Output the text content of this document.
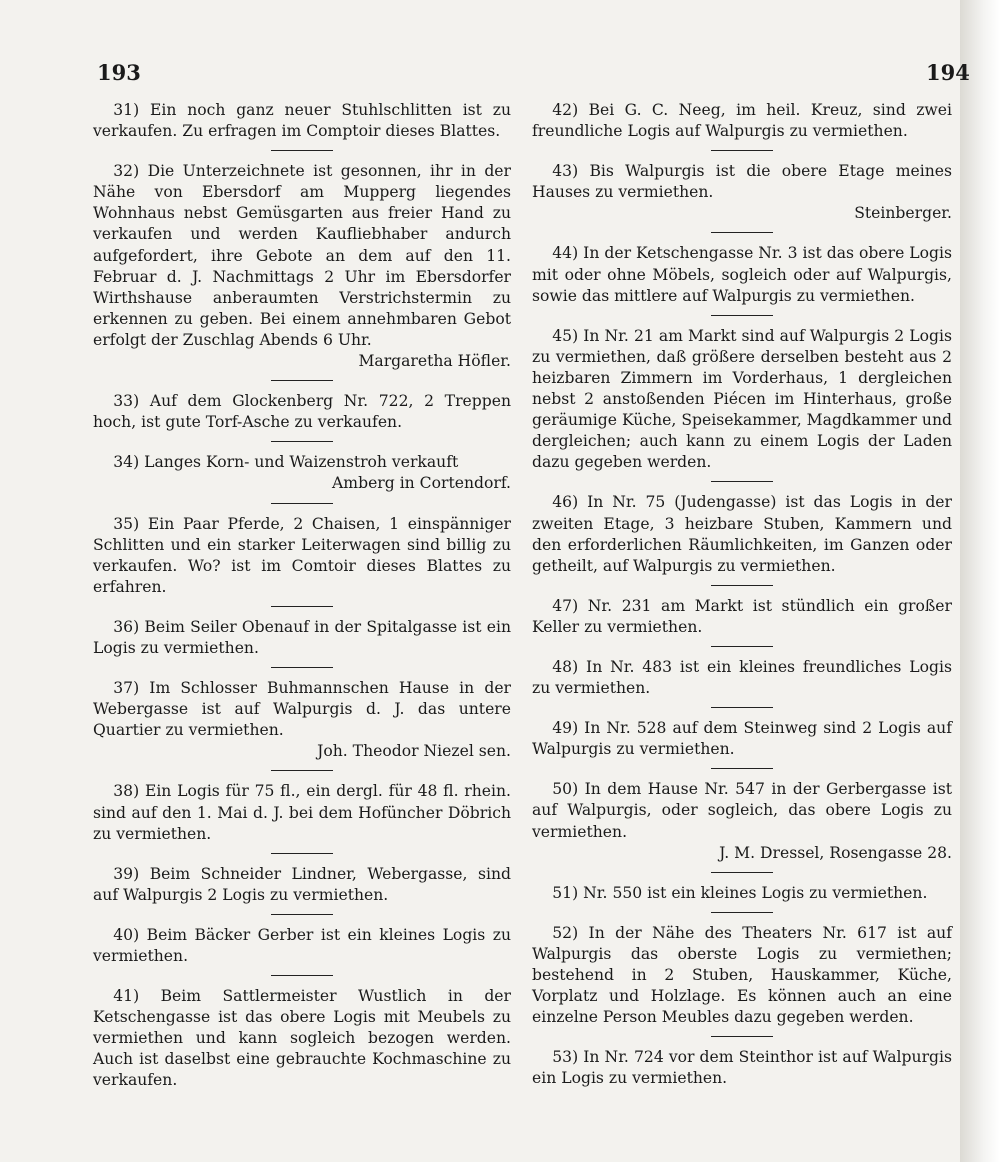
193	194

31) Ein noch ganz neuer Stuhlschlitten ist zu verkaufen. Zu erfragen im Comptoir dieses Blattes.

32) Die Unterzeichnete ist gesonnen, ihr in der Nähe von Ebersdorf am Mupperg liegendes Wohnhaus nebst Gemüsgarten aus freier Hand zu verkaufen und werden Kaufliebhaber andurch aufgefordert, ihre Gebote an dem auf den 11. Februar d. J. Nachmittags 2 Uhr im Ebersdorfer Wirthshause anberaumten Verstrichstermin zu erkennen zu geben. Bei einem annehmbaren Gebot erfolgt der Zuschlag Abends 6 Uhr.

Margaretha Höfler.

33) Auf dem Glockenberg Nr. 722, 2 Treppen hoch, ist gute Torf-Asche zu verkaufen.

34) Langes Korn- und Waizenstroh verkauft

Amberg in Cortendorf.

35) Ein Paar Pferde, 2 Chaisen, 1 einspänniger Schlitten und ein starker Leiterwagen sind billig zu verkaufen. Wo? ist im Comtoir dieses Blattes zu erfahren.

36) Beim Seiler Obenauf in der Spitalgasse ist ein Logis zu vermiethen.

37) Im Schlosser Buhmannschen Hause in der Webergasse ist auf Walpurgis d. J. das untere Quartier zu vermiethen.

Joh. Theodor Niezel sen.

38) Ein Logis für 75 fl., ein dergl. für 48 fl. rhein. sind auf den 1. Mai d. J. bei dem Hofüncher Döbrich zu vermiethen.

39) Beim Schneider Lindner, Webergasse, sind auf Walpurgis 2 Logis zu vermiethen.

40) Beim Bäcker Gerber ist ein kleines Logis zu vermiethen.

41) Beim Sattlermeister Wustlich in der Ketschengasse ist das obere Logis mit Meubels zu vermiethen und kann sogleich bezogen werden. Auch ist daselbst eine gebrauchte Kochmaschine zu verkaufen.

42) Bei G. C. Neeg, im heil. Kreuz, sind zwei freundliche Logis auf Walpurgis zu vermiethen.

43) Bis Walpurgis ist die obere Etage meines Hauses zu vermiethen.

Steinberger.

44) In der Ketschengasse Nr. 3 ist das obere Logis mit oder ohne Möbels, sogleich oder auf Walpurgis, sowie das mittlere auf Walpurgis zu vermiethen.

45) In Nr. 21 am Markt sind auf Walpurgis 2 Logis zu vermiethen, daß größere derselben besteht aus 2 heizbaren Zimmern im Vorderhaus, 1 dergleichen nebst 2 anstoßenden Piécen im Hinterhaus, große geräumige Küche, Speisekammer, Magdkammer und dergleichen; auch kann zu einem Logis der Laden dazu gegeben werden.

46) In Nr. 75 (Judengasse) ist das Logis in der zweiten Etage, 3 heizbare Stuben, Kammern und den erforderlichen Räumlichkeiten, im Ganzen oder getheilt, auf Walpurgis zu vermiethen.

47) Nr. 231 am Markt ist stündlich ein großer Keller zu vermiethen.

48) In Nr. 483 ist ein kleines freundliches Logis zu vermiethen.

49) In Nr. 528 auf dem Steinweg sind 2 Logis auf Walpurgis zu vermiethen.

50) In dem Hause Nr. 547 in der Gerbergasse ist auf Walpurgis, oder sogleich, das obere Logis zu vermiethen.

J. M. Dressel, Rosengasse 28.

51) Nr. 550 ist ein kleines Logis zu vermiethen.

52) In der Nähe des Theaters Nr. 617 ist auf Walpurgis das oberste Logis zu vermiethen; bestehend in 2 Stuben, Hauskammer, Küche, Vorplatz und Holzlage. Es können auch an eine einzelne Person Meubles dazu gegeben werden.

53) In Nr. 724 vor dem Steinthor ist auf Walpurgis ein Logis zu vermiethen.
